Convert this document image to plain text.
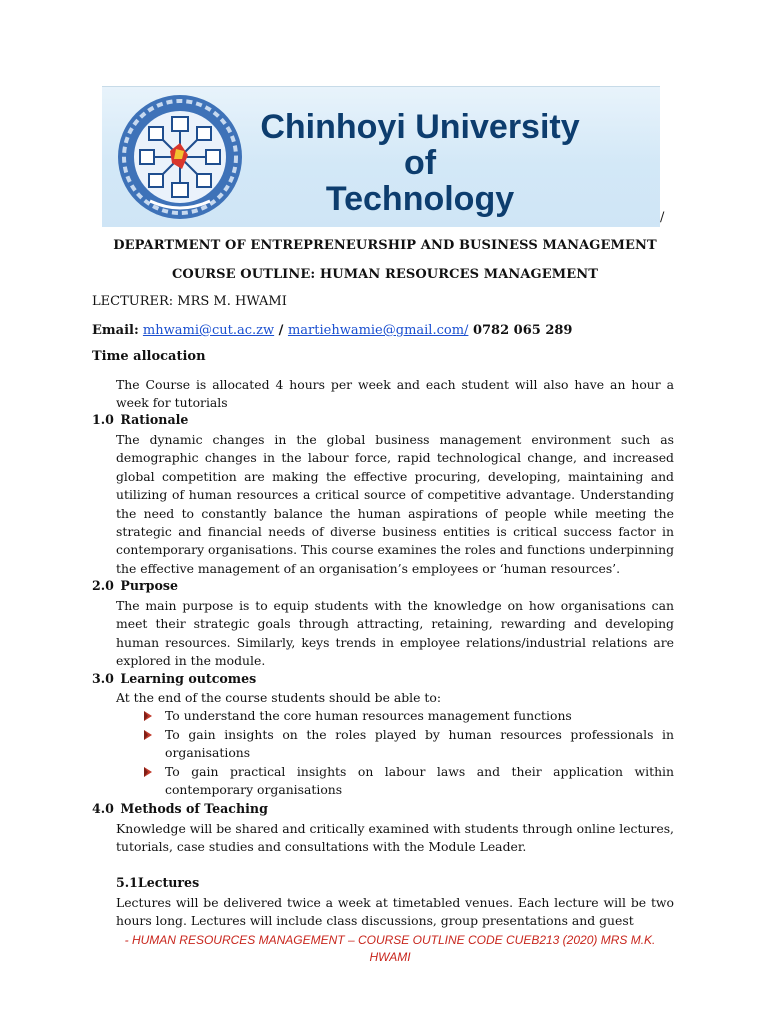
Chinhoyi University
of
Technology	/
DEPARTMENT OF ENTREPRENEURSHIP AND BUSINESS MANAGEMENT
COURSE OUTLINE: HUMAN RESOURCES MANAGEMENT
LECTURER: MRS M. HWAMI
Email: mhwami@cut.ac.zw / martiehwamie@gmail.com/ 0782 065 289
Time allocation
The Course is allocated 4 hours per week and each student will also have an hour a week for tutorials
1.0 Rationale
The dynamic changes in the global business management environment such as demographic changes in the labour force, rapid technological change, and increased global competition are making the effective procuring, developing, maintaining and utilizing of human resources a critical source of competitive advantage. Understanding the need to constantly balance the human aspirations of people while meeting the strategic and financial needs of diverse business entities is critical success factor in contemporary organisations. This course examines the roles and functions underpinning the effective management of an organisation’s employees or ‘human resources’.
2.0 Purpose
The main purpose is to equip students with the knowledge on how organisations can meet their strategic goals through attracting, retaining, rewarding and developing human resources. Similarly, keys trends in employee relations/industrial relations are explored in the module.
3.0 Learning outcomes
At the end of the course students should be able to:
To understand the core human resources management functions
To gain insights on the roles played by human resources professionals in organisations
To gain practical insights on labour laws and their application within contemporary organisations
4.0 Methods of Teaching
Knowledge will be shared and critically examined with students through online lectures, tutorials, case studies and consultations with the Module Leader.
5.1Lectures
Lectures will be delivered twice a week at timetabled venues. Each lecture will be two hours long. Lectures will include class discussions, group presentations and guest
- HUMAN RESOURCES MANAGEMENT – COURSE OUTLINE CODE CUEB213 (2020) MRS M.K.
HWAMI
